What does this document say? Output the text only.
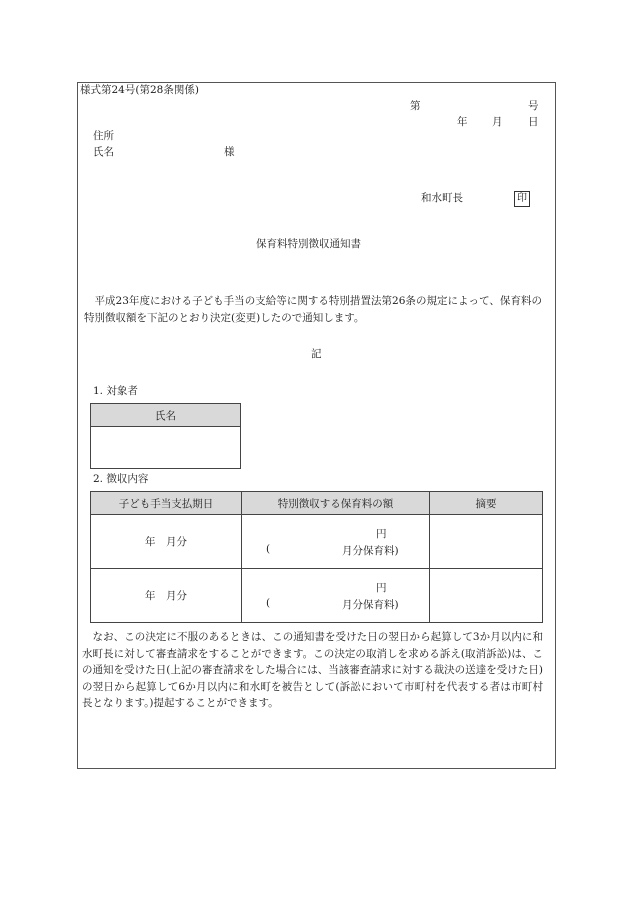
様式第24号(第28条関係)
第	号
年 月 日
住所
氏名	様
和水町長	印
保育料特別徴収通知書
平成23年度における子ども手当の支給等に関する特別措置法第26条の規定によって、保育料の特別徴収額を下記のとおり決定(変更)したので通知します。
記
1. 対象者
氏名

2. 徴収内容
子ども手当支払期日	特別徴収する保育料の額	摘要
年　月分	円
( 月分保育料)	

年　月分	円
( 月分保育料)	

なお、この決定に不服のあるときは、この通知書を受けた日の翌日から起算して3か月以内に和水町長に対して審査請求をすることができます。この決定の取消しを求める訴え(取消訴訟)は、この通知を受けた日(上記の審査請求をした場合には、当該審査請求に対する裁決の送達を受けた日)の翌日から起算して6か月以内に和水町を被告として(訴訟において市町村を代表する者は市町村長となります。)提起することができます。
